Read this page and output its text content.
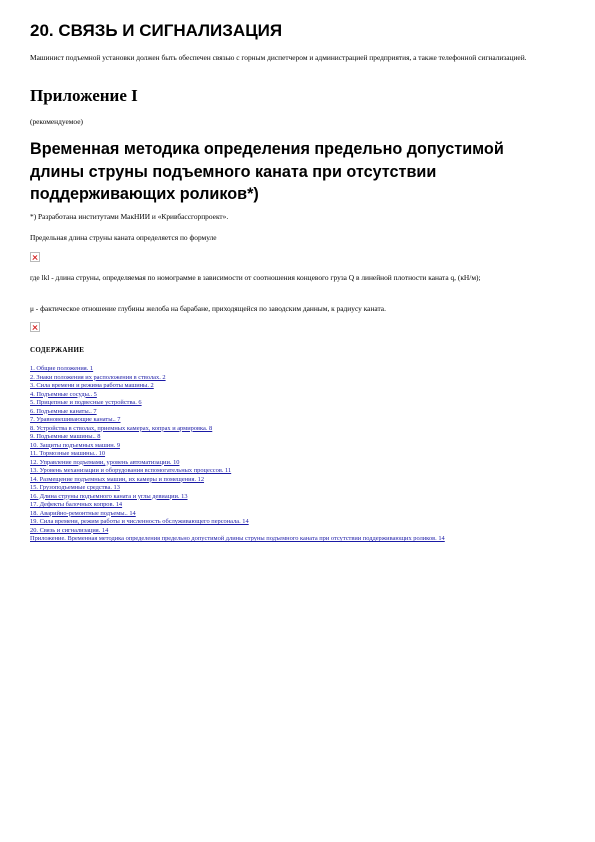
20. СВЯЗЬ И СИГНАЛИЗАЦИЯ
Машинист подъемной установки должен быть обеспечен связью с горным диспетчером и администрацией предприятия, а также телефонной сигнализацией.
Приложение I
(рекомендуемое)
Временная методика определения предельно допустимой
длины струны подъемного каната при отсутствии
поддерживающих роликов*)
*) Разработана институтами МакНИИ и «Кривбассгорпроект».
Предельная длина струны каната определяется по формуле
где lkl - длина струны, определяемая по номограмме в зависимости от соотношения концевого груза Q в линейной плотности каната q, (кН/м);
μ - фактическое отношение глубины желоба на барабане, приходящейся по заводским данным, к радиусу каната.
СОДЕРЖАНИЕ
1. Общие положения. 1
2. Знаки положения их расположения в стволах. 2
3. Сила времени и режима работы машины. 2
4. Подъемные сосуды.. 5
5. Прицепные и подвесные устройства. 6
6. Подъемные канаты.. 7
7. Уравновешивающие канаты.. 7
8. Устройства в стволах, приемных камерах, копрах и армировка. 8
9. Подъемные машины.. 8
10. Защиты подъемных машин. 9
11. Тормозные машины.. 10
12. Управление подъемами, уровень автоматизации. 10
13. Уровень механизации и оборудования вспомогательных процессов. 11
14. Размещение подъемных машин, их камеры и помещения. 12
15. Грузоподъемные средства. 13
16. Длина струны подъемного каната и углы девиации. 13
17. Дефекты балочных копров. 14
18. Аварийно-ремонтные подъемы.. 14
19. Сила времени, режим работы и численность обслуживающего персонала. 14
20. Связь и сигнализация. 14
Приложение. Временная методика определения предельно допустимой длины струны подъемного каната при отсутствии поддерживающих роликов. 14
